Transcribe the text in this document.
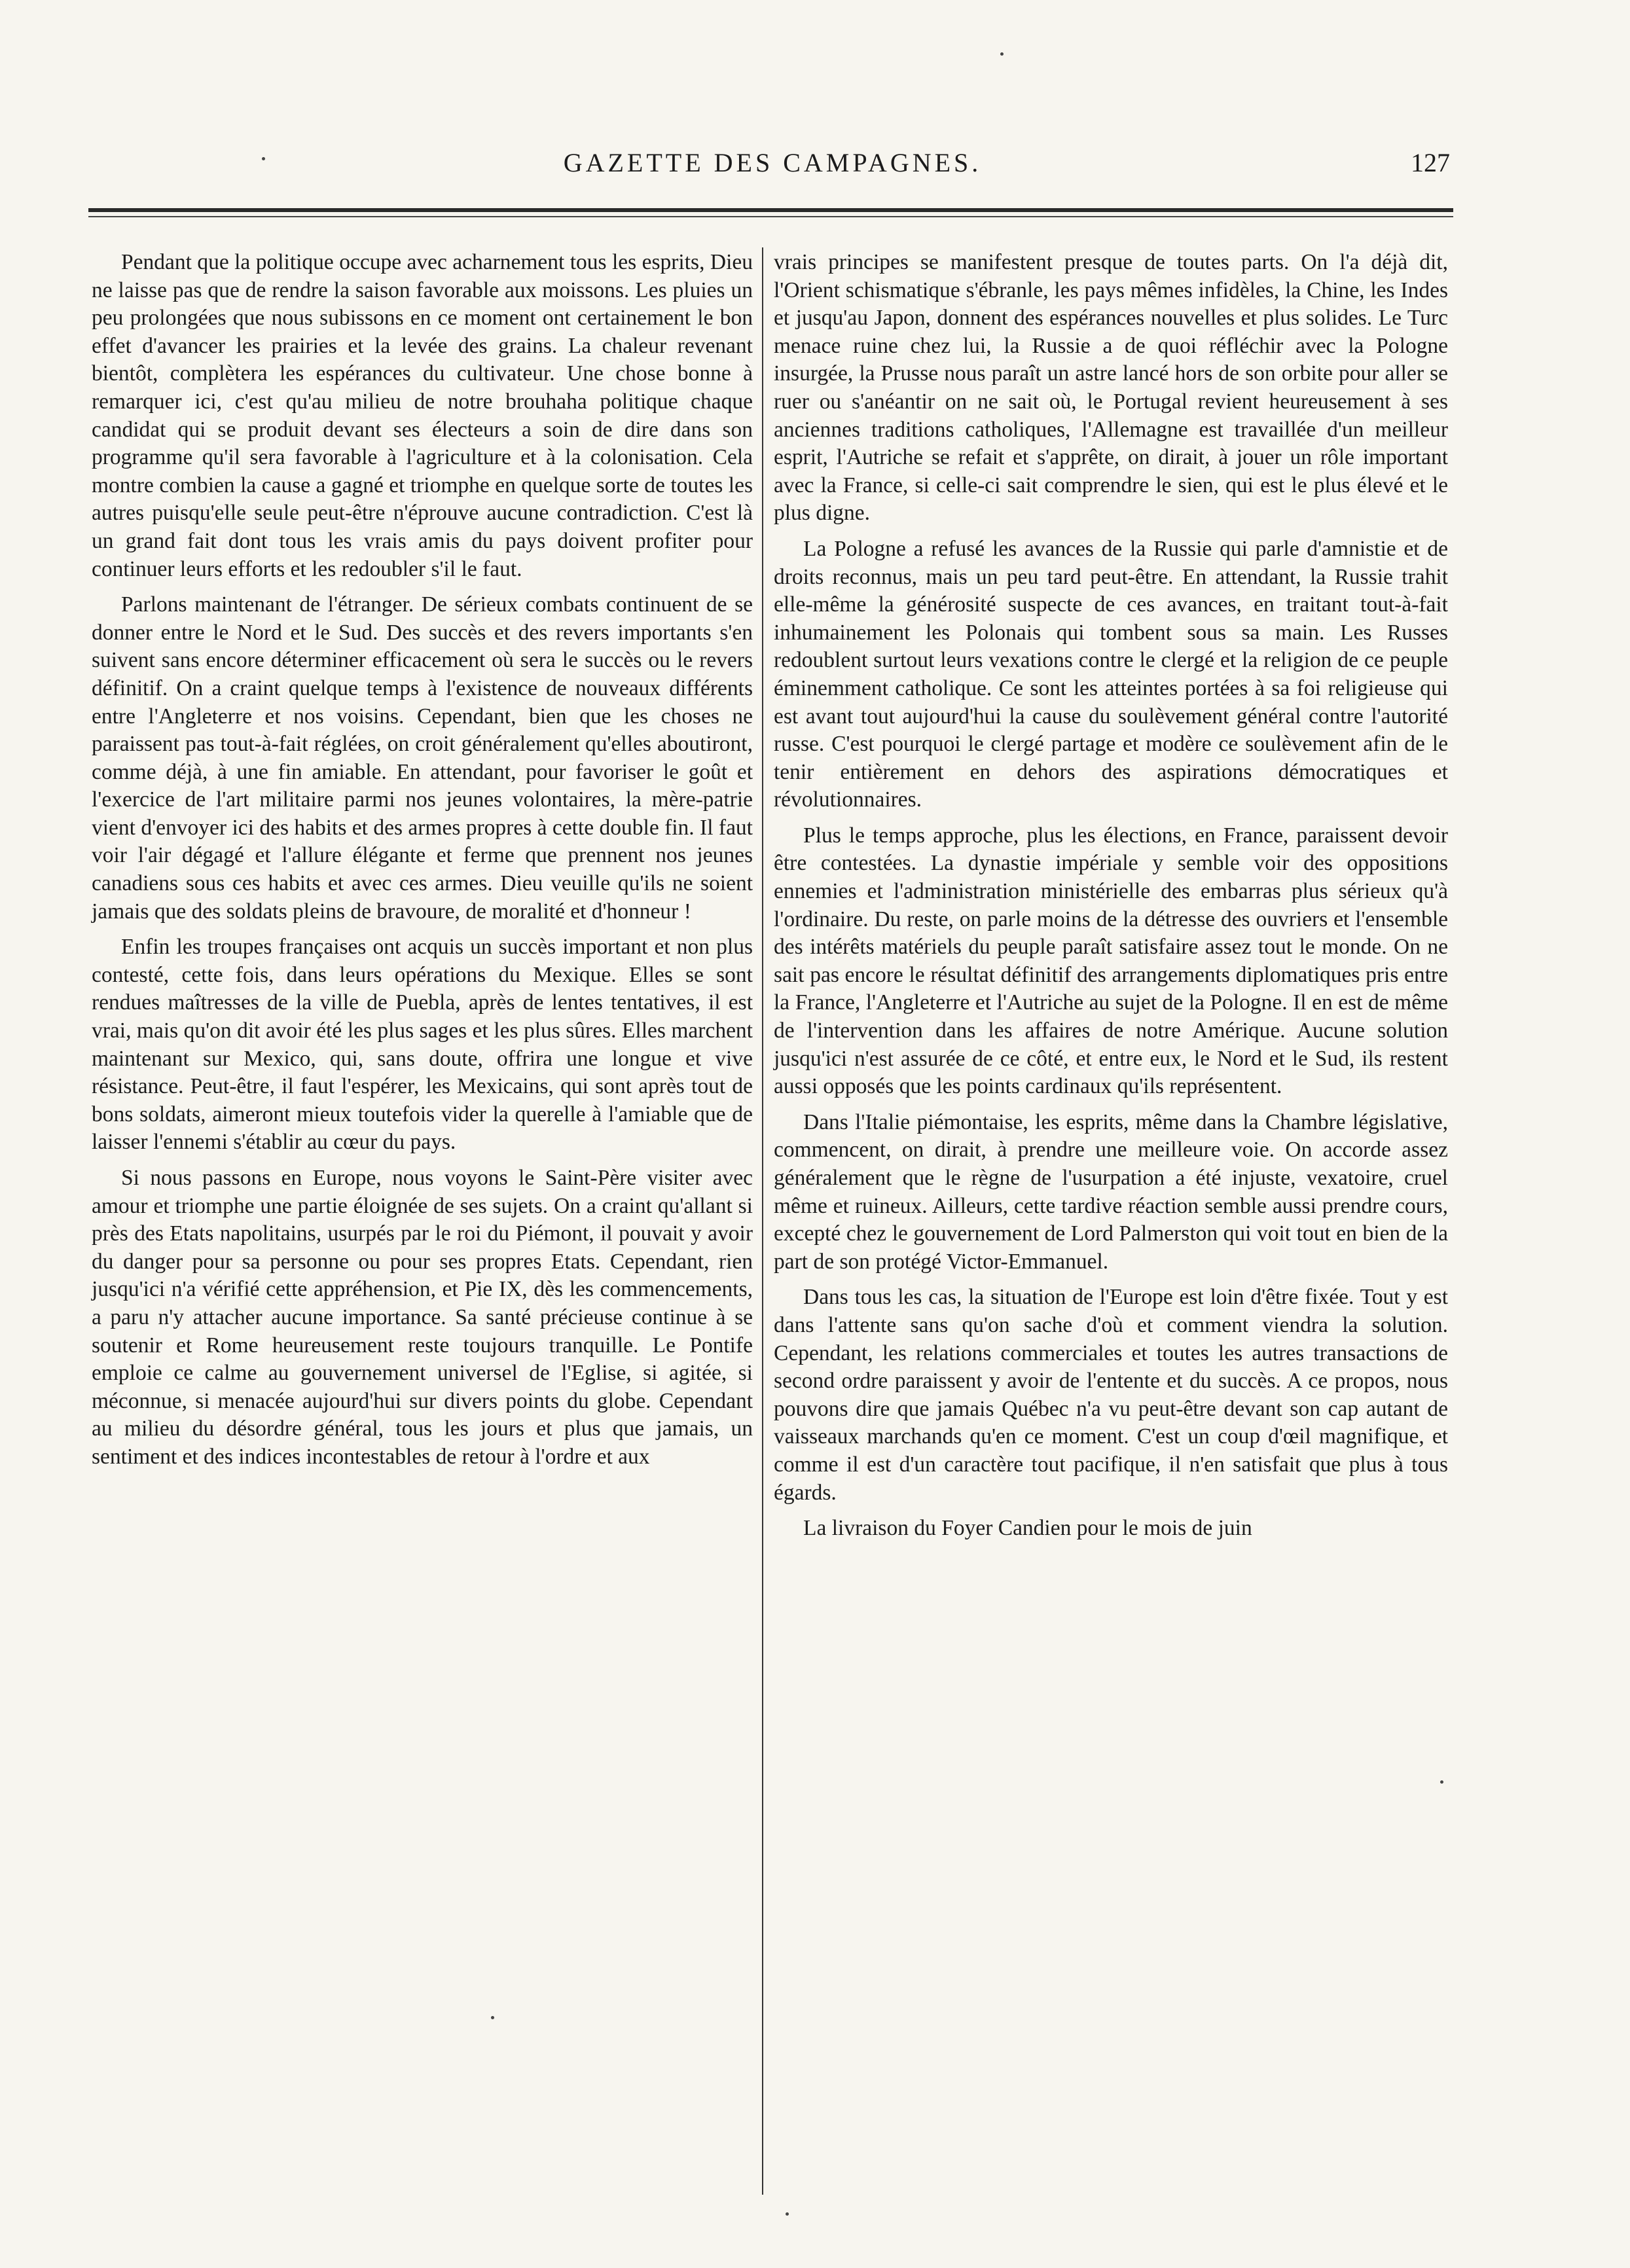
GAZETTE DES CAMPAGNES.	127

Pendant que la politique occupe avec acharnement tous les esprits, Dieu ne laisse pas que de rendre la saison favorable aux moissons. Les pluies un peu prolongées que nous subissons en ce moment ont certainement le bon effet d'avancer les prairies et la levée des grains. La chaleur revenant bientôt, complètera les espérances du cultivateur. Une chose bonne à remarquer ici, c'est qu'au milieu de notre brouhaha politique chaque candidat qui se produit devant ses électeurs a soin de dire dans son programme qu'il sera favorable à l'agriculture et à la colonisation. Cela montre combien la cause a gagné et triomphe en quelque sorte de toutes les autres puisqu'elle seule peut-être n'éprouve aucune contradiction. C'est là un grand fait dont tous les vrais amis du pays doivent profiter pour continuer leurs efforts et les redoubler s'il le faut.

Parlons maintenant de l'étranger. De sérieux combats continuent de se donner entre le Nord et le Sud. Des succès et des revers importants s'en suivent sans encore déterminer efficacement où sera le succès ou le revers définitif. On a craint quelque temps à l'existence de nouveaux différents entre l'Angleterre et nos voisins. Cependant, bien que les choses ne paraissent pas tout-à-fait réglées, on croit généralement qu'elles aboutiront, comme déjà, à une fin amiable. En attendant, pour favoriser le goût et l'exercice de l'art militaire parmi nos jeunes volontaires, la mère-patrie vient d'envoyer ici des habits et des armes propres à cette double fin. Il faut voir l'air dégagé et l'allure élégante et ferme que prennent nos jeunes canadiens sous ces habits et avec ces armes. Dieu veuille qu'ils ne soient jamais que des soldats pleins de bravoure, de moralité et d'honneur !

Enfin les troupes françaises ont acquis un succès important et non plus contesté, cette fois, dans leurs opérations du Mexique. Elles se sont rendues maîtresses de la ville de Puebla, après de lentes tentatives, il est vrai, mais qu'on dit avoir été les plus sages et les plus sûres. Elles marchent maintenant sur Mexico, qui, sans doute, offrira une longue et vive résistance. Peut-être, il faut l'espérer, les Mexicains, qui sont après tout de bons soldats, aimeront mieux toutefois vider la querelle à l'amiable que de laisser l'ennemi s'établir au cœur du pays.

Si nous passons en Europe, nous voyons le Saint-Père visiter avec amour et triomphe une partie éloignée de ses sujets. On a craint qu'allant si près des Etats napolitains, usurpés par le roi du Piémont, il pouvait y avoir du danger pour sa personne ou pour ses propres Etats. Cependant, rien jusqu'ici n'a vérifié cette appréhension, et Pie IX, dès les commencements, a paru n'y attacher aucune importance. Sa santé précieuse continue à se soutenir et Rome heureusement reste toujours tranquille. Le Pontife emploie ce calme au gouvernement universel de l'Eglise, si agitée, si méconnue, si menacée aujourd'hui sur divers points du globe. Cependant au milieu du désordre général, tous les jours et plus que jamais, un sentiment et des indices incontestables de retour à l'ordre et aux

vrais principes se manifestent presque de toutes parts. On l'a déjà dit, l'Orient schismatique s'ébranle, les pays mêmes infidèles, la Chine, les Indes et jusqu'au Japon, donnent des espérances nouvelles et plus solides. Le Turc menace ruine chez lui, la Russie a de quoi réfléchir avec la Pologne insurgée, la Prusse nous paraît un astre lancé hors de son orbite pour aller se ruer ou s'anéantir on ne sait où, le Portugal revient heureusement à ses anciennes traditions catholiques, l'Allemagne est travaillée d'un meilleur esprit, l'Autriche se refait et s'apprête, on dirait, à jouer un rôle important avec la France, si celle-ci sait comprendre le sien, qui est le plus élevé et le plus digne.

La Pologne a refusé les avances de la Russie qui parle d'amnistie et de droits reconnus, mais un peu tard peut-être. En attendant, la Russie trahit elle-même la générosité suspecte de ces avances, en traitant tout-à-fait inhumainement les Polonais qui tombent sous sa main. Les Russes redoublent surtout leurs vexations contre le clergé et la religion de ce peuple éminemment catholique. Ce sont les atteintes portées à sa foi religieuse qui est avant tout aujourd'hui la cause du soulèvement général contre l'autorité russe. C'est pourquoi le clergé partage et modère ce soulèvement afin de le tenir entièrement en dehors des aspirations démocratiques et révolutionnaires.

Plus le temps approche, plus les élections, en France, paraissent devoir être contestées. La dynastie impériale y semble voir des oppositions ennemies et l'administration ministérielle des embarras plus sérieux qu'à l'ordinaire. Du reste, on parle moins de la détresse des ouvriers et l'ensemble des intérêts matériels du peuple paraît satisfaire assez tout le monde. On ne sait pas encore le résultat définitif des arrangements diplomatiques pris entre la France, l'Angleterre et l'Autriche au sujet de la Pologne. Il en est de même de l'intervention dans les affaires de notre Amérique. Aucune solution jusqu'ici n'est assurée de ce côté, et entre eux, le Nord et le Sud, ils restent aussi opposés que les points cardinaux qu'ils représentent.

Dans l'Italie piémontaise, les esprits, même dans la Chambre législative, commencent, on dirait, à prendre une meilleure voie. On accorde assez généralement que le règne de l'usurpation a été injuste, vexatoire, cruel même et ruineux. Ailleurs, cette tardive réaction semble aussi prendre cours, excepté chez le gouvernement de Lord Palmerston qui voit tout en bien de la part de son protégé Victor-Emmanuel.

Dans tous les cas, la situation de l'Europe est loin d'être fixée. Tout y est dans l'attente sans qu'on sache d'où et comment viendra la solution. Cependant, les relations commerciales et toutes les autres transactions de second ordre paraissent y avoir de l'entente et du succès. A ce propos, nous pouvons dire que jamais Québec n'a vu peut-être devant son cap autant de vaisseaux marchands qu'en ce moment. C'est un coup d'œil magnifique, et comme il est d'un caractère tout pacifique, il n'en satisfait que plus à tous égards.

La livraison du Foyer Candien pour le mois de juin
